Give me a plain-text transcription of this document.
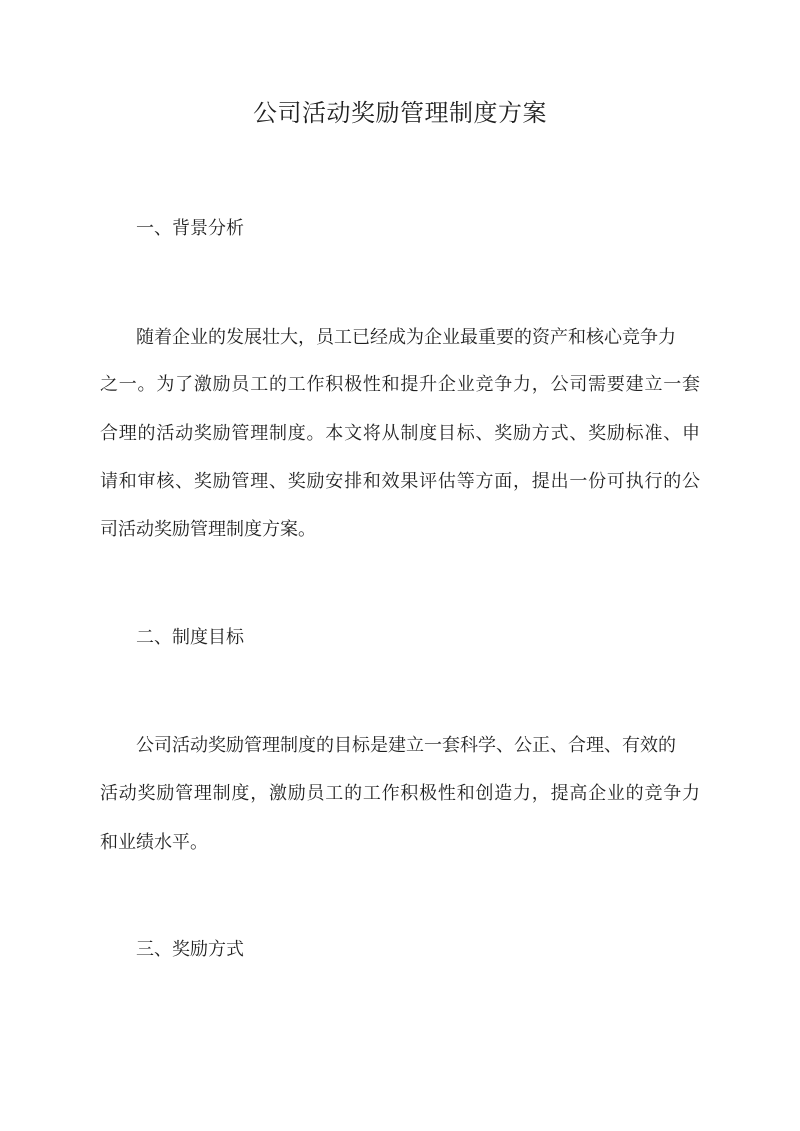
公司活动奖励管理制度方案
一、背景分析
随着企业的发展壮大，员工已经成为企业最重要的资产和核心竞争力
之一。为了激励员工的工作积极性和提升企业竞争力，公司需要建立一套
合理的活动奖励管理制度。本文将从制度目标、奖励方式、奖励标准、申
请和审核、奖励管理、奖励安排和效果评估等方面，提出一份可执行的公
司活动奖励管理制度方案。
二、制度目标
公司活动奖励管理制度的目标是建立一套科学、公正、合理、有效的
活动奖励管理制度，激励员工的工作积极性和创造力，提高企业的竞争力
和业绩水平。
三、奖励方式
